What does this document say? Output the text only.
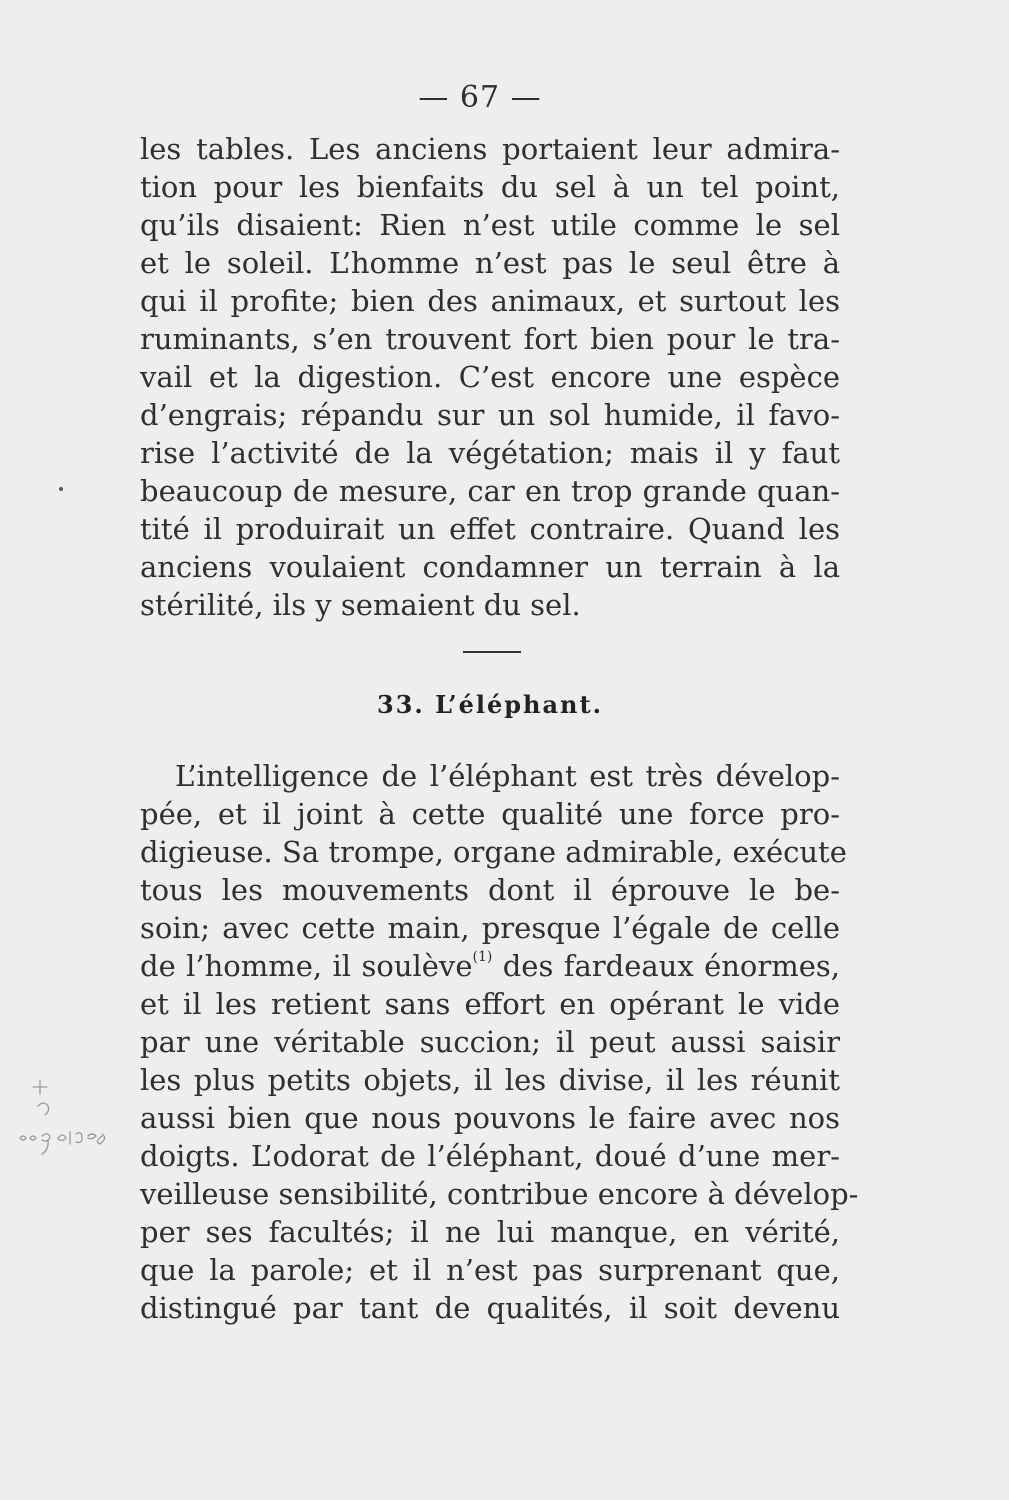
— 67 —
les tables. Les anciens portaient leur admira-
tion pour les bienfaits du sel à un tel point,
qu’ils disaient: Rien n’est utile comme le sel
et le soleil. L’homme n’est pas le seul être à
qui il profite; bien des animaux, et surtout les
ruminants, s’en trouvent fort bien pour le tra-
vail et la digestion. C’est encore une espèce
d’engrais; répandu sur un sol humide, il favo-
rise l’activité de la végétation; mais il y faut
beaucoup de mesure, car en trop grande quan-
tité il produirait un effet contraire. Quand les
anciens voulaient condamner un terrain à la
stérilité, ils y semaient du sel.
33. L’éléphant.
L’intelligence de l’éléphant est très dévelop-
pée, et il joint à cette qualité une force pro-
digieuse. Sa trompe, organe admirable, exécute
tous les mouvements dont il éprouve le be-
soin; avec cette main, presque l’égale de celle
de l’homme, il soulève$^{(1)}$ des fardeaux énormes,
et il les retient sans effort en opérant le vide
par une véritable succion; il peut aussi saisir
les plus petits objets, il les divise, il les réunit
aussi bien que nous pouvons le faire avec nos
doigts. L’odorat de l’éléphant, doué d’une mer-
veilleuse sensibilité, contribue encore à dévelop-
per ses facultés; il ne lui manque, en vérité,
que la parole; et il n’est pas surprenant que,
distingué par tant de qualités, il soit devenu
